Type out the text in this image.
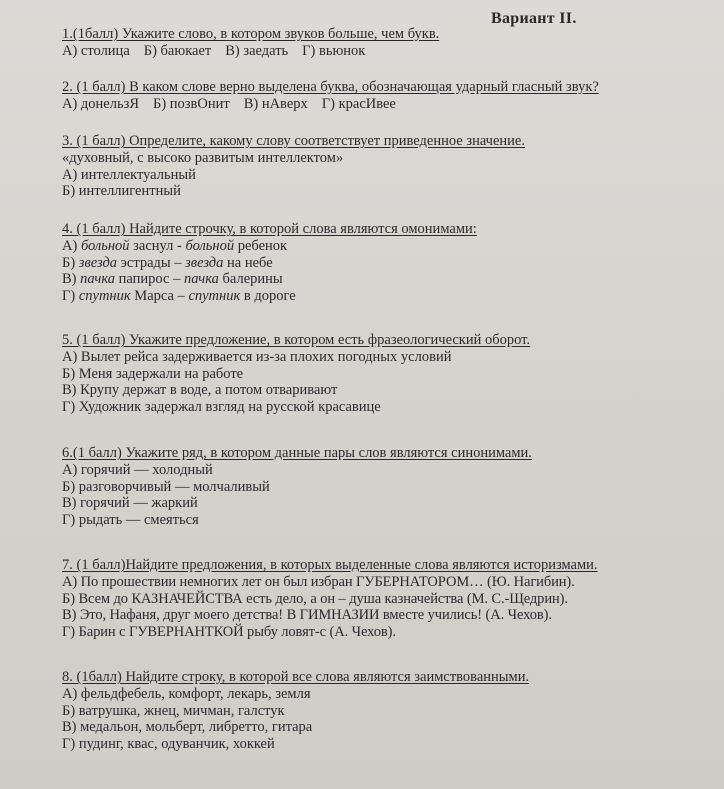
Вариант II.
1.(1балл) Укажите слово, в котором звуков больше, чем букв.
А) столица Б) баюкает В) заедать Г) вьюнок
2. (1 балл) В каком слове верно выделена буква, обозначающая ударный гласный звук?
А) донельзЯ Б) позвОнит В) нАверх Г) красИвее
3. (1 балл) Определите, какому слову соответствует приведенное значение.
«духовный, с высоко развитым интеллектом»
А) интеллектуальный
Б) интеллигентный
4. (1 балл) Найдите строчку, в которой слова являются омонимами:
А) больной заснул - больной ребенок
Б) звезда эстрады – звезда на небе
В) пачка папирос – пачка балерины
Г) спутник Марса – спутник в дороге
5. (1 балл) Укажите предложение, в котором есть фразеологический оборот.
А) Вылет рейса задерживается из-за плохих погодных условий
Б) Меня задержали на работе
В) Крупу держат в воде, а потом отваривают
Г) Художник задержал взгляд на русской красавице
6.(1 балл) Укажите ряд, в котором данные пары слов являются синонимами.
А) горячий — холодный
Б) разговорчивый — молчаливый
В) горячий — жаркий
Г) рыдать — смеяться
7. (1 балл)Найдите предложения, в которых выделенные слова являются историзмами.
А) По прошествии немногих лет он был избран ГУБЕРНАТОРОМ… (Ю. Нагибин).
Б) Всем до КАЗНАЧЕЙСТВА есть дело, а он – душа казначейства (М. С.-Щедрин).
В) Это, Нафаня, друг моего детства! В ГИМНАЗИИ вместе учились! (А. Чехов).
Г) Барин с ГУВЕРНАНТКОЙ рыбу ловят-с (А. Чехов).
8. (1балл) Найдите строку, в которой все слова являются заимствованными.
А) фельдфебель, комфорт, лекарь, земля
Б) ватрушка, жнец, мичман, галстук
В) медальон, мольберт, либретто, гитара
Г) пудинг, квас, одуванчик, хоккей
